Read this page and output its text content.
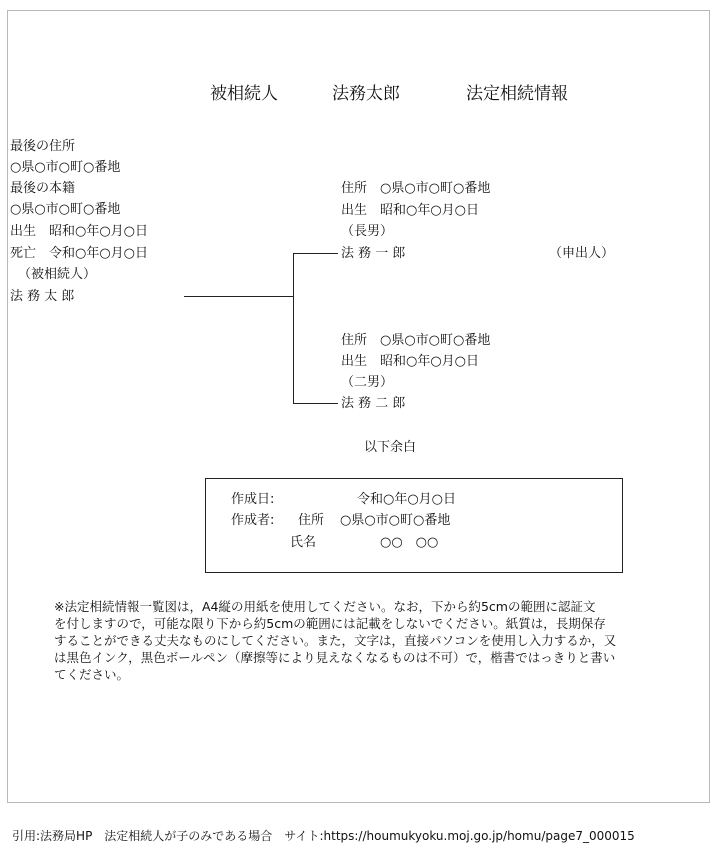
被相続人	法務太郎	法定相続情報
最後の住所
○県○市○町○番地
最後の本籍
○県○市○町○番地
出生　昭和○年○月○日
死亡　令和○年○月○日
（被相続人）
法 務 太 郎
住所　○県○市○町○番地
出生　昭和○年○月○日
（長男）
法 務 一 郎	（申出人）
住所　○県○市○町○番地
出生　昭和○年○月○日
（二男）
法 務 二 郎
以下余白
作成日:	令和○年○月○日
作成者: 住所 ○県○市○町○番地
氏名	○○　○○
※法定相続情報一覧図は，A4縦の用紙を使用してください。なお，下から約5cmの範囲に認証文
を付しますので，可能な限り下から約5cmの範囲には記載をしないでください。紙質は，長期保存
することができる丈夫なものにしてください。また，文字は，直接パソコンを使用し入力するか，又
は黒色インク，黒色ボールペン（摩擦等により見えなくなるものは不可）で，楷書ではっきりと書い
てください。
引用:法務局HP　法定相続人が子のみである場合　サイト:https://houmukyoku.moj.go.jp/homu/page7_000015
